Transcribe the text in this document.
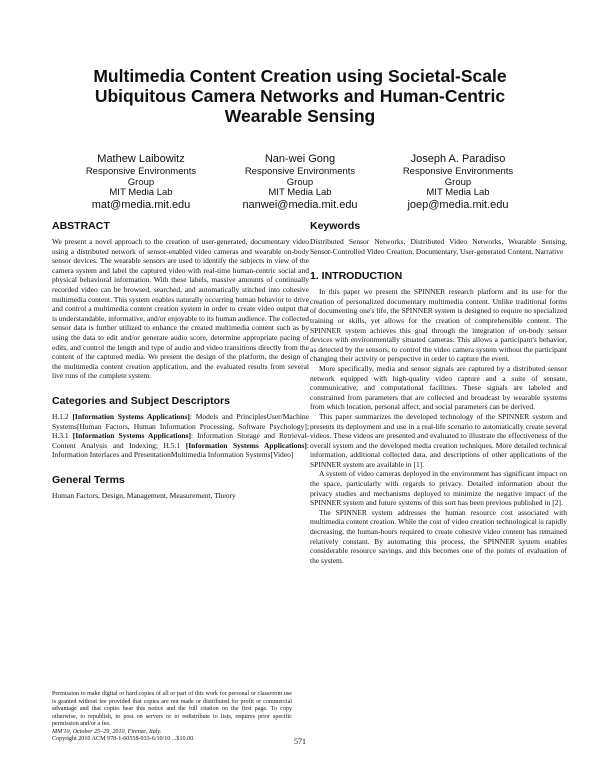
Multimedia Content Creation using Societal-Scale Ubiquitous Camera Networks and Human-Centric Wearable Sensing
Mathew Laibowitz
Responsive Environments
Group
MIT Media Lab
mat@media.mit.edu
Nan-wei Gong
Responsive Environments
Group
MIT Media Lab
nanwei@media.mit.edu
Joseph A. Paradiso
Responsive Environments
Group
MIT Media Lab
joep@media.mit.edu
ABSTRACT

We present a novel approach to the creation of user-generated, documentary video using a distributed network of sensor-enabled video cameras and wearable on-body sensor devices. The wearable sensors are used to identify the subjects in view of the camera system and label the captured video with real-time human-centric social and physical behavioral information. With these labels, massive amounts of continually recorded video can be browsed, searched, and automatically stitched into cohesive multimedia content. This system enables naturally occurring human behavior to drive and control a multimedia content creation system in order to create video output that is understandable, informative, and/or enjoyable to its human audience. The collected sensor data is further utilized to enhance the created multimedia content such as by using the data to edit and/or generate audio score, determine appropriate pacing of edits, and control the length and type of audio and video transitions directly from the content of the captured media. We present the design of the platform, the design of the multimedia content creation application, and the evaluated results from several live runs of the complete system.

Categories and Subject Descriptors

H.1.2 [Information Systems Applications]: Models and PrinciplesUser/Machine Systems[Human Factors, Human Information Processing, Software Psychology]; H.3.1 [Information Systems Applications]: Information Storage and Retrieval-Content Analysis and Indexing; H.5.1 [Information Systems Applications]: Information Interfaces and PresentationMultimedia Information Systems[Video]

General Terms

Human Factors, Design, Management, Measurement, Theory

Permission to make digital or hard copies of all or part of this work for personal or classroom use is granted without fee provided that copies are not made or distributed for profit or commercial advantage and that copies bear this notice and the full citation on the first page. To copy otherwise, to republish, to post on servers or to redistribute to lists, requires prior specific permission and/or a fee.
MM'10, October 25–29, 2010, Firenze, Italy.
Copyright 2010 ACM 978-1-60558-933-6/10/10 ...$10.00.
Keywords

Distributed Sensor Networks, Distributed Video Networks, Wearable Sensing, Sensor-Controlled Video Creation, Documentary, User-generated Content, Narrative

1. INTRODUCTION

In this paper we present the SPINNER research platform and its use for the creation of personalized documentary multimedia content. Unlike traditional forms of documenting one's life, the SPINNER system is designed to require no specialized training or skills, yet allows for the creation of comprehensible content. The SPINNER system achieves this goal through the integration of on-body sensor devices with environmentally situated cameras. This allows a participant's behavior, as detected by the sensors, to control the video camera system without the participant changing their activity or perspective in order to capture the event.

More specifically, media and sensor signals are captured by a distributed sensor network equipped with high-quality video capture and a suite of sensate, communicative, and computational facilities. These signals are labeled and constrained from parameters that are collected and broadcast by wearable systems from which location, personal affect, and social parameters can be derived.

This paper summarizes the developed technology of the SPINNER system and presents its deployment and use in a real-life scenario to automatically create several videos. These videos are presented and evaluated to illustrate the effectiveness of the overall system and the developed media creation techniques. More detailed technical information, additional collected data, and descriptions of other applications of the SPINNER system are available in [1].

A system of video cameras deployed in the environment has significant impact on the space, particularly with regards to privacy. Detailed information about the privacy studies and mechanisms deployed to minimize the negative impact of the SPINNER system and future systems of this sort has been previous published in [2].

The SPINNER system addresses the human resource cost associated with multimedia content creation. While the cost of video creation technological is rapidly decreasing, the human-hours required to create cohesive video content has remained relatively constant. By automating this process, the SPINNER system enables considerable resource savings, and this becomes one of the points of evaluation of the system.

571
